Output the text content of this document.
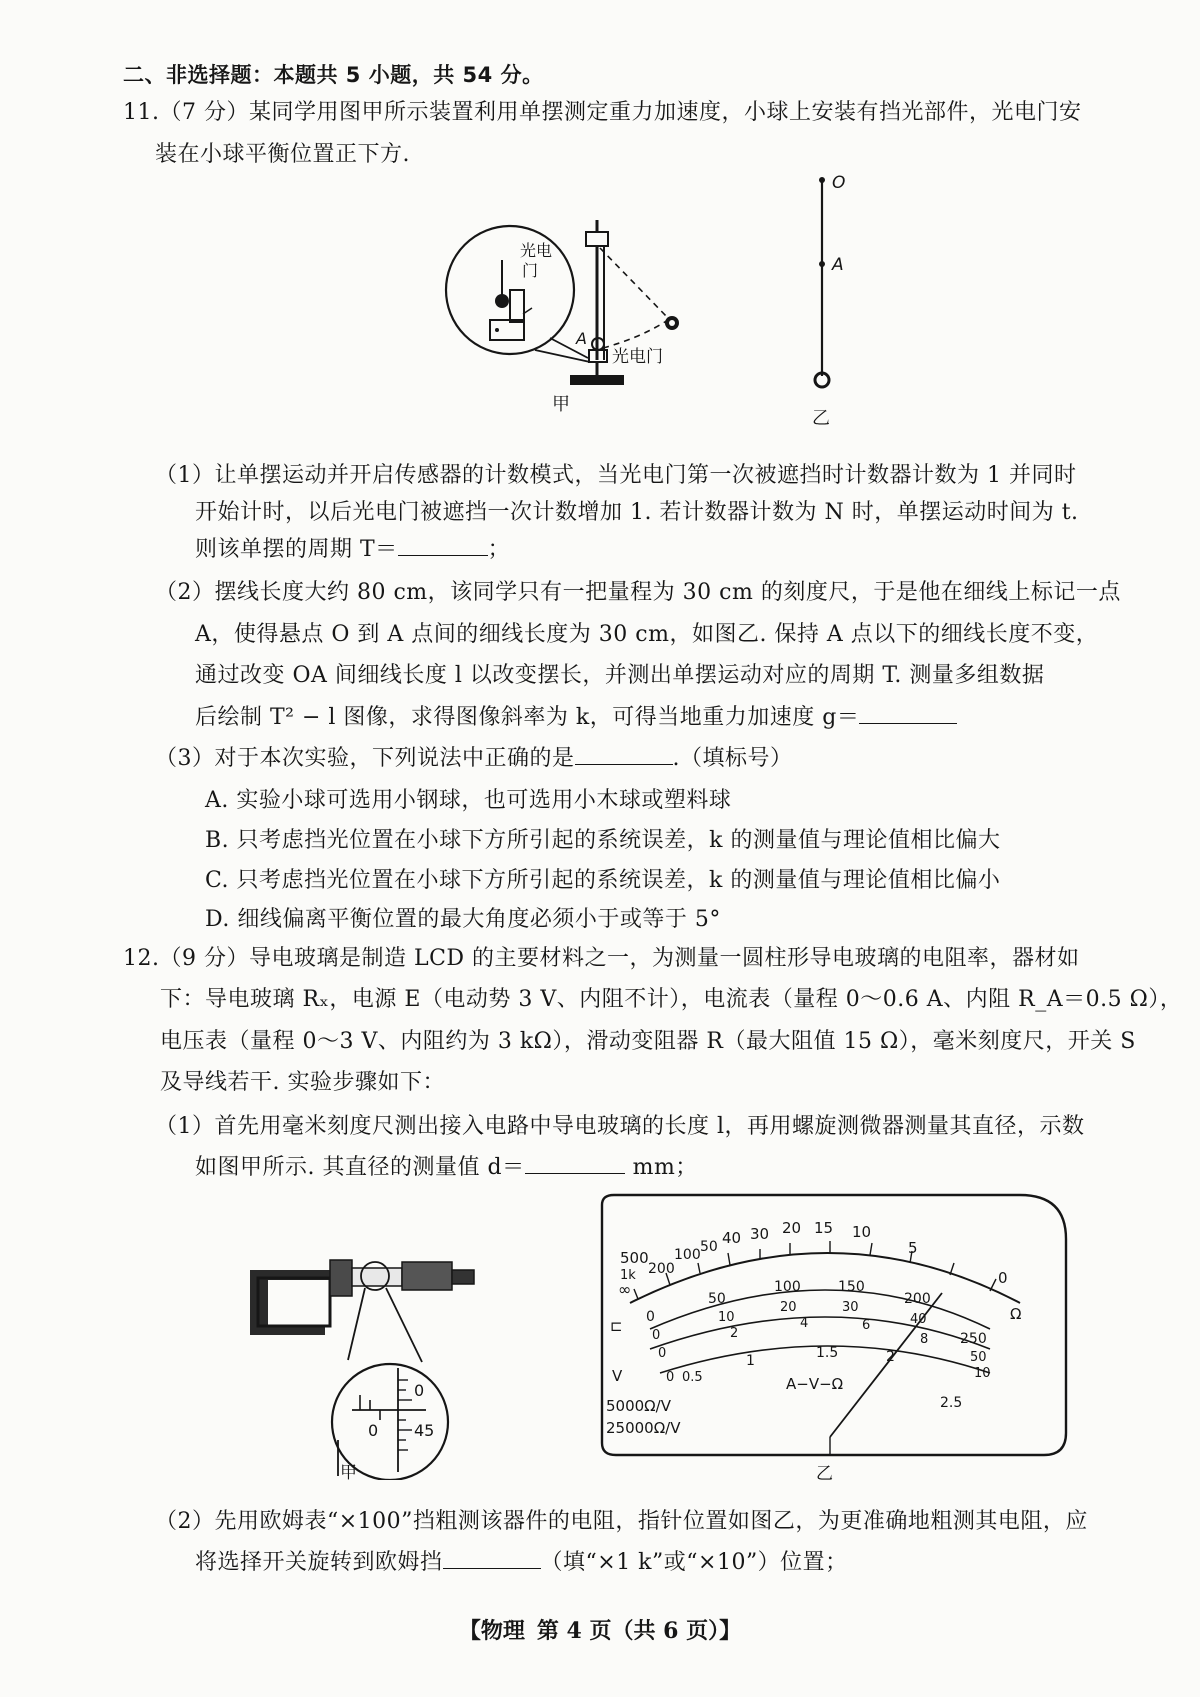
二、非选择题：本题共 5 小题，共 54 分。
11.（7 分）某同学用图甲所示装置利用单摆测定重力加速度，小球上安装有挡光部件，光电门安
装在小球平衡位置正下方.
光电
门
A
光电门
甲
O
A
乙
（1）让单摆运动并开启传感器的计数模式，当光电门第一次被遮挡时计数器计数为 1 并同时
开始计时，以后光电门被遮挡一次计数增加 1. 若计数器计数为 N 时，单摆运动时间为 t.
则该单摆的周期 T＝	；
（2）摆线长度大约 80 cm，该同学只有一把量程为 30 cm 的刻度尺，于是他在细线上标记一点
A，使得悬点 O 到 A 点间的细线长度为 30 cm，如图乙. 保持 A 点以下的细线长度不变，
通过改变 OA 间细线长度 l 以改变摆长，并测出单摆运动对应的周期 T. 测量多组数据
后绘制 T² − l 图像，求得图像斜率为 k，可得当地重力加速度 g＝
（3）对于本次实验，下列说法中正确的是	.（填标号）
A. 实验小球可选用小钢球，也可选用小木球或塑料球
B. 只考虑挡光位置在小球下方所引起的系统误差，k 的测量值与理论值相比偏大
C. 只考虑挡光位置在小球下方所引起的系统误差，k 的测量值与理论值相比偏小
D. 细线偏离平衡位置的最大角度必须小于或等于 5°
12.（9 分）导电玻璃是制造 LCD 的主要材料之一，为测量一圆柱形导电玻璃的电阻率，器材如
下：导电玻璃 Rₓ，电源 E（电动势 3 V、内阻不计），电流表（量程 0～0.6 A、内阻 R_A＝0.5 Ω），
电压表（量程 0～3 V、内阻约为 3 kΩ），滑动变阻器 R（最大阻值 15 Ω），毫米刻度尺，开关 S
及导线若干. 实验步骤如下：
（1）首先用毫米刻度尺测出接入电路中导电玻璃的长度 l，再用螺旋测微器测量其直径，示数
如图甲所示. 其直径的测量值 d＝	mm；
0
45
0
甲
500
1k
∞
200
100 50 40 30 20 15 10
5
0
Ω
0
50
100	150
200
250
0
10
20	30
40
50
0
2
4	6
8
10
0 0.5
1	1.5	2
2.5
⊏
V	A−V−Ω
5000Ω/V
25000Ω/V
乙
（2）先用欧姆表“×100”挡粗测该器件的电阻，指针位置如图乙，为更准确地粗测其电阻，应
将选择开关旋转到欧姆挡	（填“×1 k”或“×10”）位置；
【物理 第 4 页（共 6 页）】
